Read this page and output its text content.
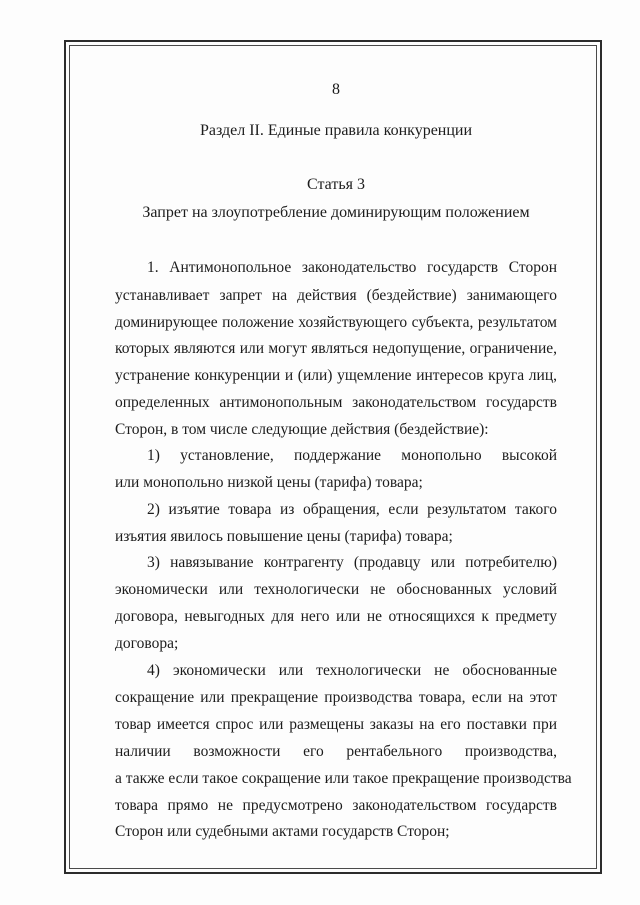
8
Раздел II. Единые правила конкуренции
Статья 3
Запрет на злоупотребление доминирующим положением
1. Антимонопольное законодательство государств Сторон
устанавливает запрет на действия (бездействие) занимающего
доминирующее положение хозяйствующего субъекта, результатом
которых являются или могут являться недопущение, ограничение,
устранение конкуренции и (или) ущемление интересов круга лиц,
определенных антимонопольным законодательством государств
Сторон, в том числе следующие действия (бездействие):
1) установление, поддержание монопольно высокой
или монопольно низкой цены (тарифа) товара;
2) изъятие товара из обращения, если результатом такого
изъятия явилось повышение цены (тарифа) товара;
3) навязывание контрагенту (продавцу или потребителю)
экономически или технологически не обоснованных условий
договора, невыгодных для него или не относящихся к предмету
договора;
4) экономически или технологически не обоснованные
сокращение или прекращение производства товара, если на этот
товар имеется спрос или размещены заказы на его поставки при
наличии возможности его рентабельного производства,
а также если такое сокращение или такое прекращение производства
товара прямо не предусмотрено законодательством государств
Сторон или судебными актами государств Сторон;
